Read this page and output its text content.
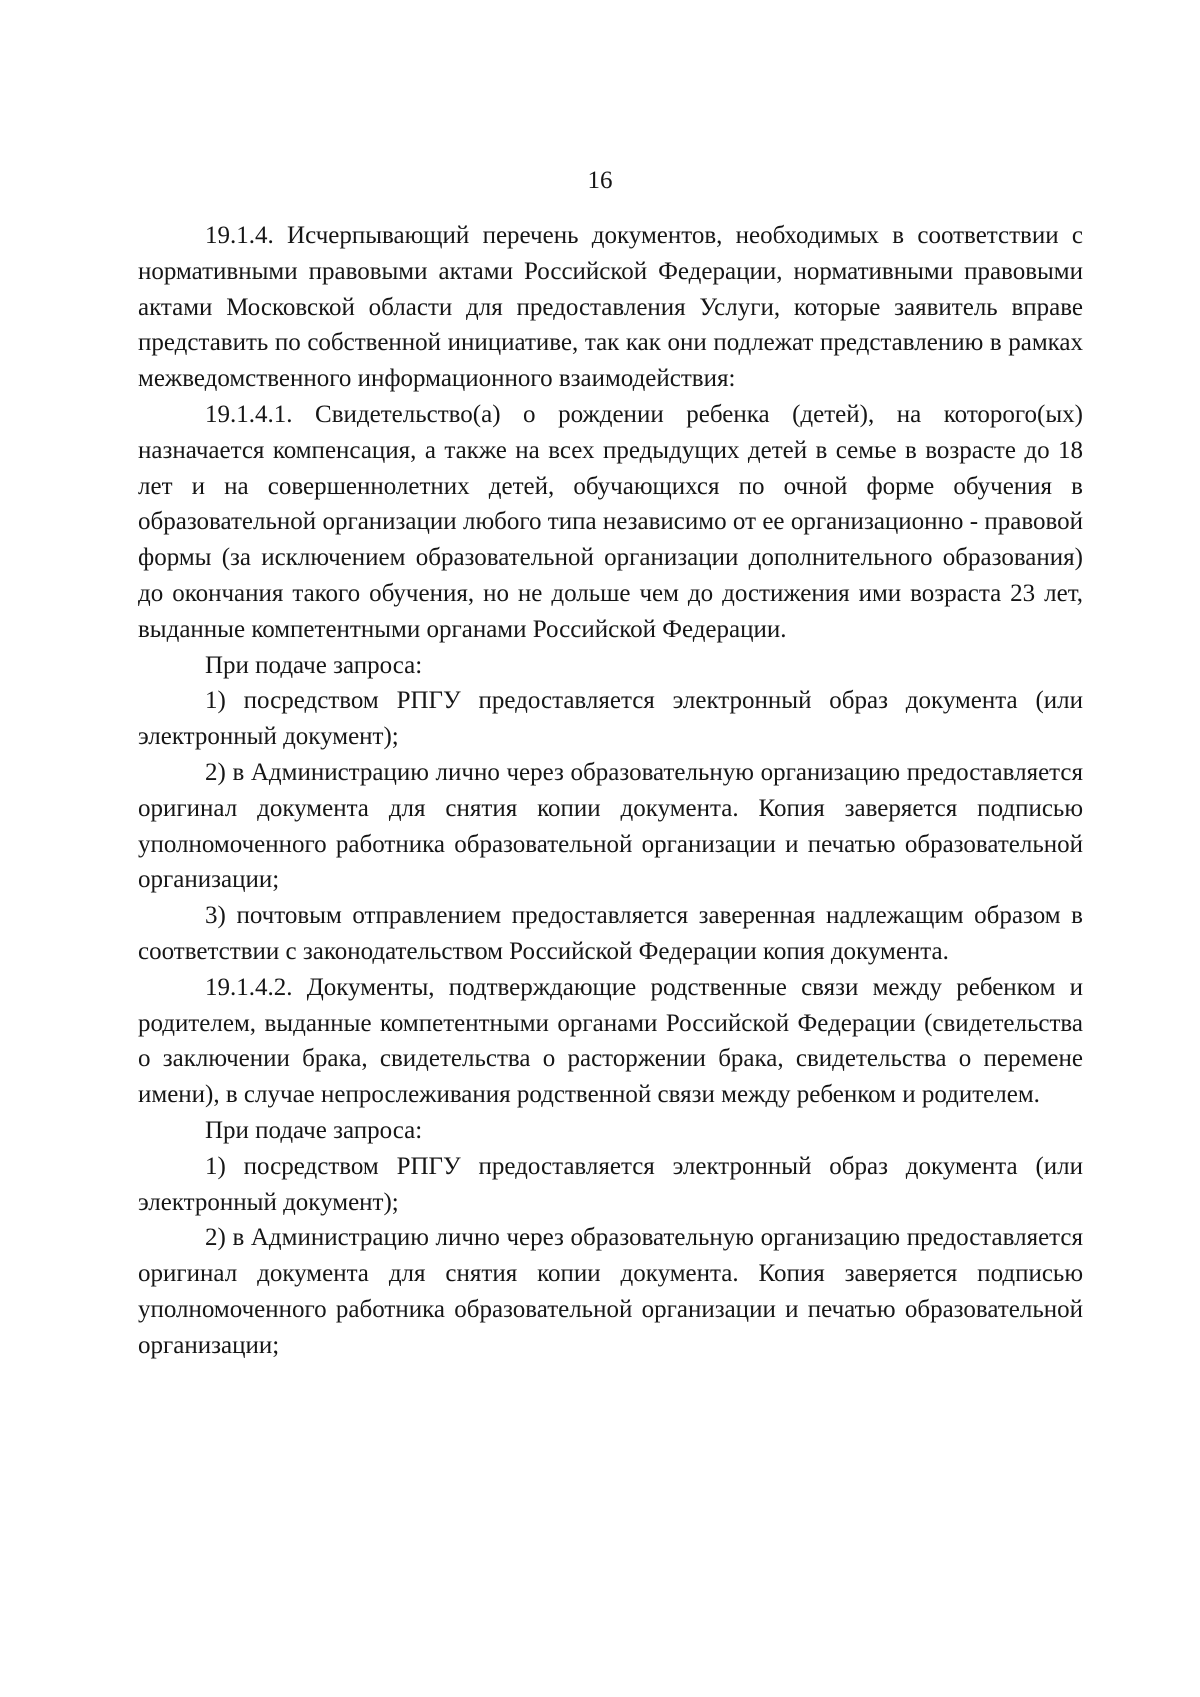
16

19.1.4. Исчерпывающий перечень документов, необходимых в соответствии с нормативными правовыми актами Российской Федерации, нормативными правовыми актами Московской области для предоставления Услуги, которые заявитель вправе представить по собственной инициативе, так как они подлежат представлению в рамках межведомственного информационного взаимодействия:

19.1.4.1. Свидетельство(а) о рождении ребенка (детей), на которого(ых) назначается компенсация, а также на всех предыдущих детей в семье в возрасте до 18 лет и на совершеннолетних детей, обучающихся по очной форме обучения в образовательной организации любого типа независимо от ее организационно - правовой формы (за исключением образовательной организации дополнительного образования) до окончания такого обучения, но не дольше чем до достижения ими возраста 23 лет, выданные компетентными органами Российской Федерации.

При подаче запроса:

1) посредством РПГУ предоставляется электронный образ документа (или электронный документ);

2) в Администрацию лично через образовательную организацию предоставляется оригинал документа для снятия копии документа. Копия заверяется подписью уполномоченного работника образовательной организации и печатью образовательной организации;

3) почтовым отправлением предоставляется заверенная надлежащим образом в соответствии с законодательством Российской Федерации копия документа.

19.1.4.2. Документы, подтверждающие родственные связи между ребенком и родителем, выданные компетентными органами Российской Федерации (свидетельства о заключении брака, свидетельства о расторжении брака, свидетельства о перемене имени), в случае непрослеживания родственной связи между ребенком и родителем.

При подаче запроса:

1) посредством РПГУ предоставляется электронный образ документа (или электронный документ);

2) в Администрацию лично через образовательную организацию предоставляется оригинал документа для снятия копии документа. Копия заверяется подписью уполномоченного работника образовательной организации и печатью образовательной организации;
